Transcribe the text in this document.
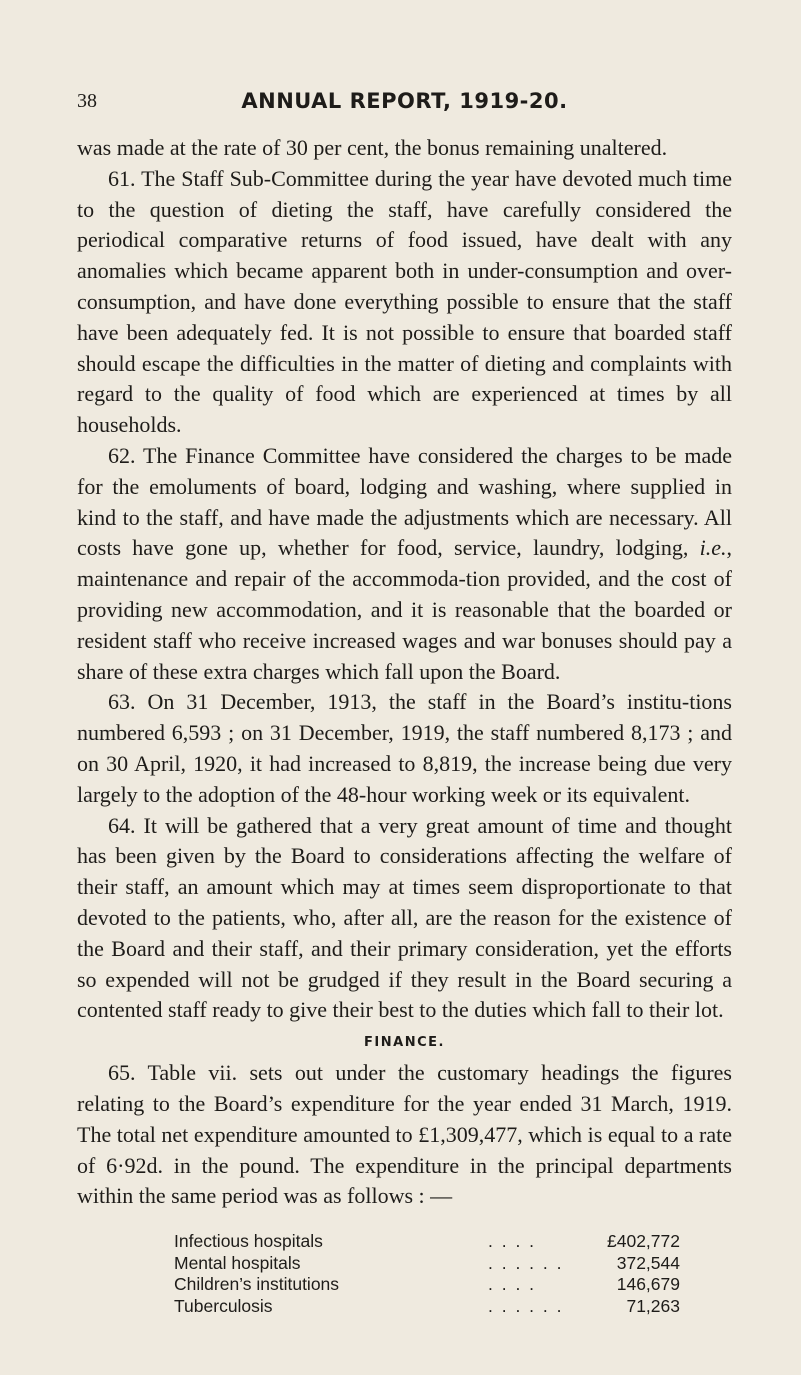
38	ANNUAL REPORT, 1919-20.

was made at the rate of 30 per cent, the bonus remaining unaltered.

61. The Staff Sub-Committee during the year have devoted much time to the question of dieting the staff, have carefully considered the periodical comparative returns of food issued, have dealt with any anomalies which became apparent both in under-consumption and over-consumption, and have done everything possible to ensure that the staff have been adequately fed. It is not possible to ensure that boarded staff should escape the difficulties in the matter of dieting and complaints with regard to the quality of food which are experienced at times by all households.

62. The Finance Committee have considered the charges to be made for the emoluments of board, lodging and washing, where supplied in kind to the staff, and have made the adjustments which are necessary. All costs have gone up, whether for food, service, laundry, lodging, i.e., maintenance and repair of the accommoda-tion provided, and the cost of providing new accommodation, and it is reasonable that the boarded or resident staff who receive increased wages and war bonuses should pay a share of these extra charges which fall upon the Board.

63. On 31 December, 1913, the staff in the Board’s institu-tions numbered 6,593 ; on 31 December, 1919, the staff numbered 8,173 ; and on 30 April, 1920, it had increased to 8,819, the increase being due very largely to the adoption of the 48-hour working week or its equivalent.

64. It will be gathered that a very great amount of time and thought has been given by the Board to considerations affecting the welfare of their staff, an amount which may at times seem disproportionate to that devoted to the patients, who, after all, are the reason for the existence of the Board and their staff, and their primary consideration, yet the efforts so expended will not be grudged if they result in the Board securing a contented staff ready to give their best to the duties which fall to their lot.

FINANCE.

65. Table vii. sets out under the customary headings the figures relating to the Board’s expenditure for the year ended 31 March, 1919. The total net expenditure amounted to £1,309,477, which is equal to a rate of 6·92d. in the pound. The expenditure in the principal departments within the same period was as follows : —

Infectious hospitals	. . . .	£402,772
Mental hospitals	. . . . . .	372,544
Children’s institutions	. . . .	146,679
Tuberculosis	. . . . . .	71,263
